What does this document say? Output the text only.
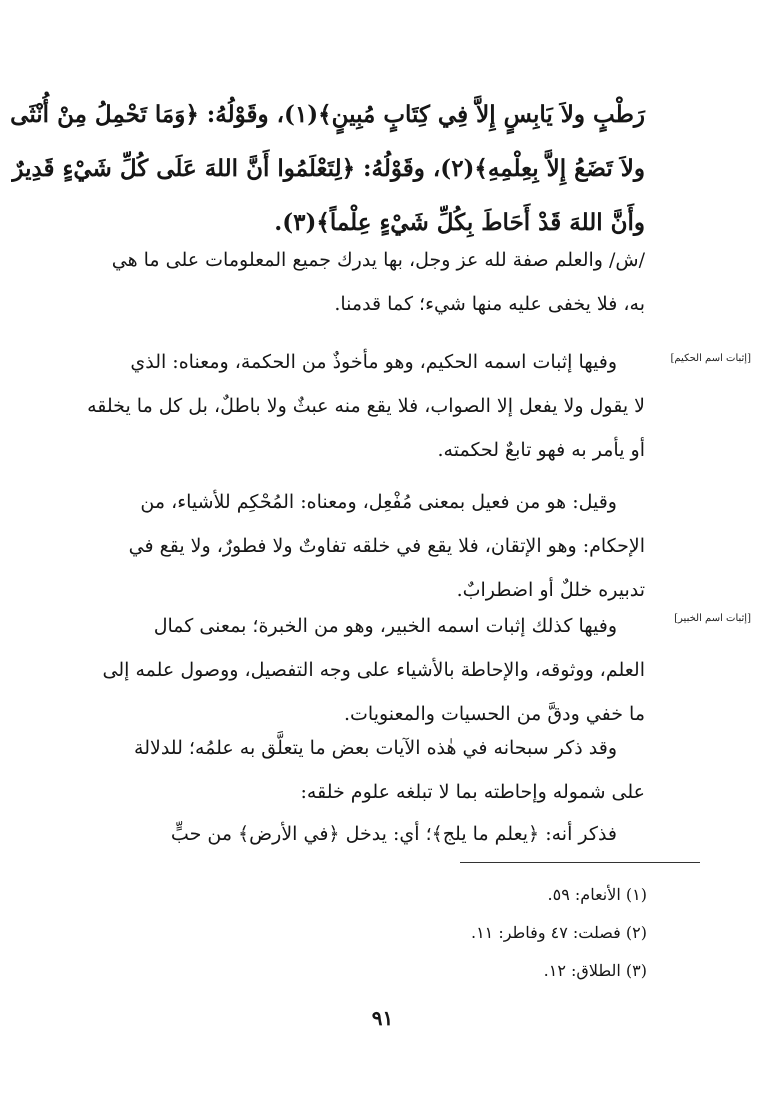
رَطْبٍ ولاَ يَابِسٍ إِلاَّ فِي كِتَابٍ مُبِينٍ﴾(١)، وقَوْلُهُ: ﴿وَمَا تَحْمِلُ مِنْ أُنْثَى
ولاَ تَضَعُ إِلاَّ بِعِلْمِهِ﴾(٢)، وقَوْلُهُ: ﴿لِتَعْلَمُوا أَنَّ اللهَ عَلَى كُلِّ شَيْءٍ قَدِيرٌ
وأَنَّ اللهَ قَدْ أَحَاطَ بِكُلِّ شَيْءٍ عِلْماً﴾(٣).
/ش/ والعلم صفة لله عز وجل، بها يدرك جميع المعلومات على ما هي
به، فلا يخفى عليه منها شيء؛ كما قدمنا.
وفيها إثبات اسمه الحكيم، وهو مأخوذٌ من الحكمة، ومعناه: الذي
لا يقول ولا يفعل إلا الصواب، فلا يقع منه عبثٌ ولا باطلٌ، بل كل ما يخلقه
أو يأمر به فهو تابعٌ لحكمته.
وقيل: هو من فعيل بمعنى مُفْعِل، ومعناه: المُحْكِم للأشياء، من
الإحكام: وهو الإتقان، فلا يقع في خلقه تفاوتٌ ولا فطورٌ، ولا يقع في
تدبيره خللٌ أو اضطرابٌ.
وفيها كذلك إثبات اسمه الخبير، وهو من الخبرة؛ بمعنى كمال
العلم، ووثوقه، والإحاطة بالأشياء على وجه التفصيل، ووصول علمه إلى
ما خفي ودقَّ من الحسيات والمعنويات.
وقد ذكر سبحانه في هٰذه الآيات بعض ما يتعلَّق به علمُه؛ للدلالة
على شموله وإحاطته بما لا تبلغه علوم خلقه:
فذكر أنه: ﴿يعلم ما يلج﴾؛ أي: يدخل ﴿في الأرض﴾ من حبٍّ
[إثبات اسم الحكيم]
[إثبات اسم الخبير]
(١) الأنعام: ٥٩.
(٢) فصلت: ٤٧ وفاطر: ١١.
(٣) الطلاق: ١٢.
٩١
